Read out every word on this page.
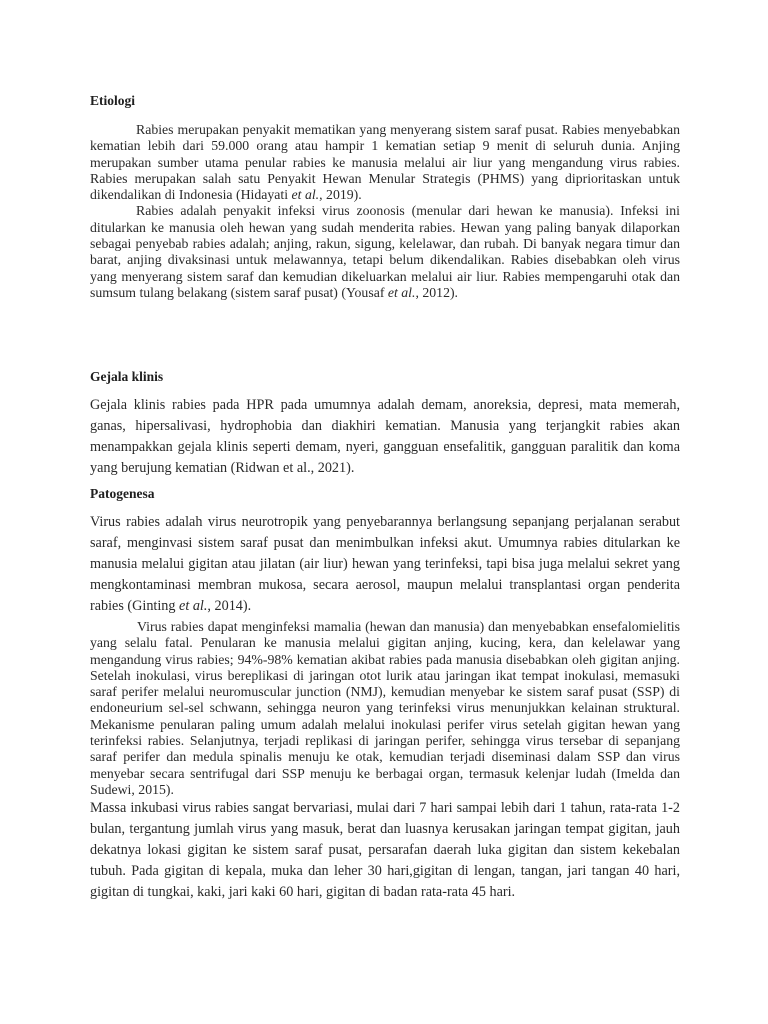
Etiologi

Rabies merupakan penyakit mematikan yang menyerang sistem saraf pusat. Rabies menyebabkan kematian lebih dari 59.000 orang atau hampir 1 kematian setiap 9 menit di seluruh dunia. Anjing merupakan sumber utama penular rabies ke manusia melalui air liur yang mengandung virus rabies. Rabies merupakan salah satu Penyakit Hewan Menular Strategis (PHMS) yang diprioritaskan untuk dikendalikan di Indonesia (Hidayati et al., 2019).

Rabies adalah penyakit infeksi virus zoonosis (menular dari hewan ke manusia). Infeksi ini ditularkan ke manusia oleh hewan yang sudah menderita rabies. Hewan yang paling banyak dilaporkan sebagai penyebab rabies adalah; anjing, rakun, sigung, kelelawar, dan rubah. Di banyak negara timur dan barat, anjing divaksinasi untuk melawannya, tetapi belum dikendalikan. Rabies disebabkan oleh virus yang menyerang sistem saraf dan kemudian dikeluarkan melalui air liur. Rabies mempengaruhi otak dan sumsum tulang belakang (sistem saraf pusat) (Yousaf et al., 2012).

Gejala klinis

Gejala klinis rabies pada HPR pada umumnya adalah demam, anoreksia, depresi, mata memerah, ganas, hipersalivasi, hydrophobia dan diakhiri kematian. Manusia yang terjangkit rabies akan menampakkan gejala klinis seperti demam, nyeri, gangguan ensefalitik, gangguan paralitik dan koma yang berujung kematian (Ridwan et al., 2021).

Patogenesa

Virus rabies adalah virus neurotropik yang penyebarannya berlangsung sepanjang perjalanan serabut saraf, menginvasi sistem saraf pusat dan menimbulkan infeksi akut. Umumnya rabies ditularkan ke manusia melalui gigitan atau jilatan (air liur) hewan yang terinfeksi, tapi bisa juga melalui sekret yang mengkontaminasi membran mukosa, secara aerosol, maupun melalui transplantasi organ penderita rabies (Ginting et al., 2014).

Virus rabies dapat menginfeksi mamalia (hewan dan manusia) dan menyebabkan ensefalomielitis yang selalu fatal. Penularan ke manusia melalui gigitan anjing, kucing, kera, dan kelelawar yang mengandung virus rabies; 94%-98% kematian akibat rabies pada manusia disebabkan oleh gigitan anjing. Setelah inokulasi, virus bereplikasi di jaringan otot lurik atau jaringan ikat tempat inokulasi, memasuki saraf perifer melalui neuromuscular junction (NMJ), kemudian menyebar ke sistem saraf pusat (SSP) di endoneurium sel-sel schwann, sehingga neuron yang terinfeksi virus menunjukkan kelainan struktural. Mekanisme penularan paling umum adalah melalui inokulasi perifer virus setelah gigitan hewan yang terinfeksi rabies. Selanjutnya, terjadi replikasi di jaringan perifer, sehingga virus tersebar di sepanjang saraf perifer dan medula spinalis menuju ke otak, kemudian terjadi diseminasi dalam SSP dan virus menyebar secara sentrifugal dari SSP menuju ke berbagai organ, termasuk kelenjar ludah (Imelda dan Sudewi, 2015).

Massa inkubasi virus rabies sangat bervariasi, mulai dari 7 hari sampai lebih dari 1 tahun, rata-rata 1-2 bulan, tergantung jumlah virus yang masuk, berat dan luasnya kerusakan jaringan tempat gigitan, jauh dekatnya lokasi gigitan ke sistem saraf pusat, persarafan daerah luka gigitan dan sistem kekebalan tubuh. Pada gigitan di kepala, muka dan leher 30 hari,gigitan di lengan, tangan, jari tangan 40 hari, gigitan di tungkai, kaki, jari kaki 60 hari, gigitan di badan rata-rata 45 hari.
